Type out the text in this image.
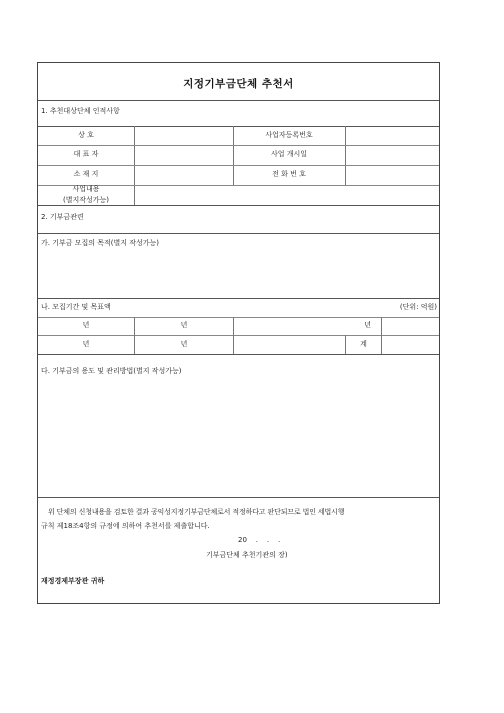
지정기부금단체 추천서
1. 추천대상단체 인적사항
상 호	사업자등록번호
대 표 자	사업 개시일
소 재 지	전 화 번 호
사업내용
(별지작성가능)
2. 기부금관련
가. 기부금 모집의 목적(별지 작성가능)
나. 모집기간 및 목표액	(단위: 억원)
년	년	년
년	년	계
다. 기부금의 용도 및 관리방법(별지 작성가능)
위 단체의 신청내용을 검토한 결과 공익성지정기부금단체로서 적정하다고 판단되므로 법인 세법시행
규칙 제18조4항의 규정에 의하여 추천서를 제출합니다.
20    .    .    .
기부금단체 추천기관의 장)
재정경제부장관 귀하
